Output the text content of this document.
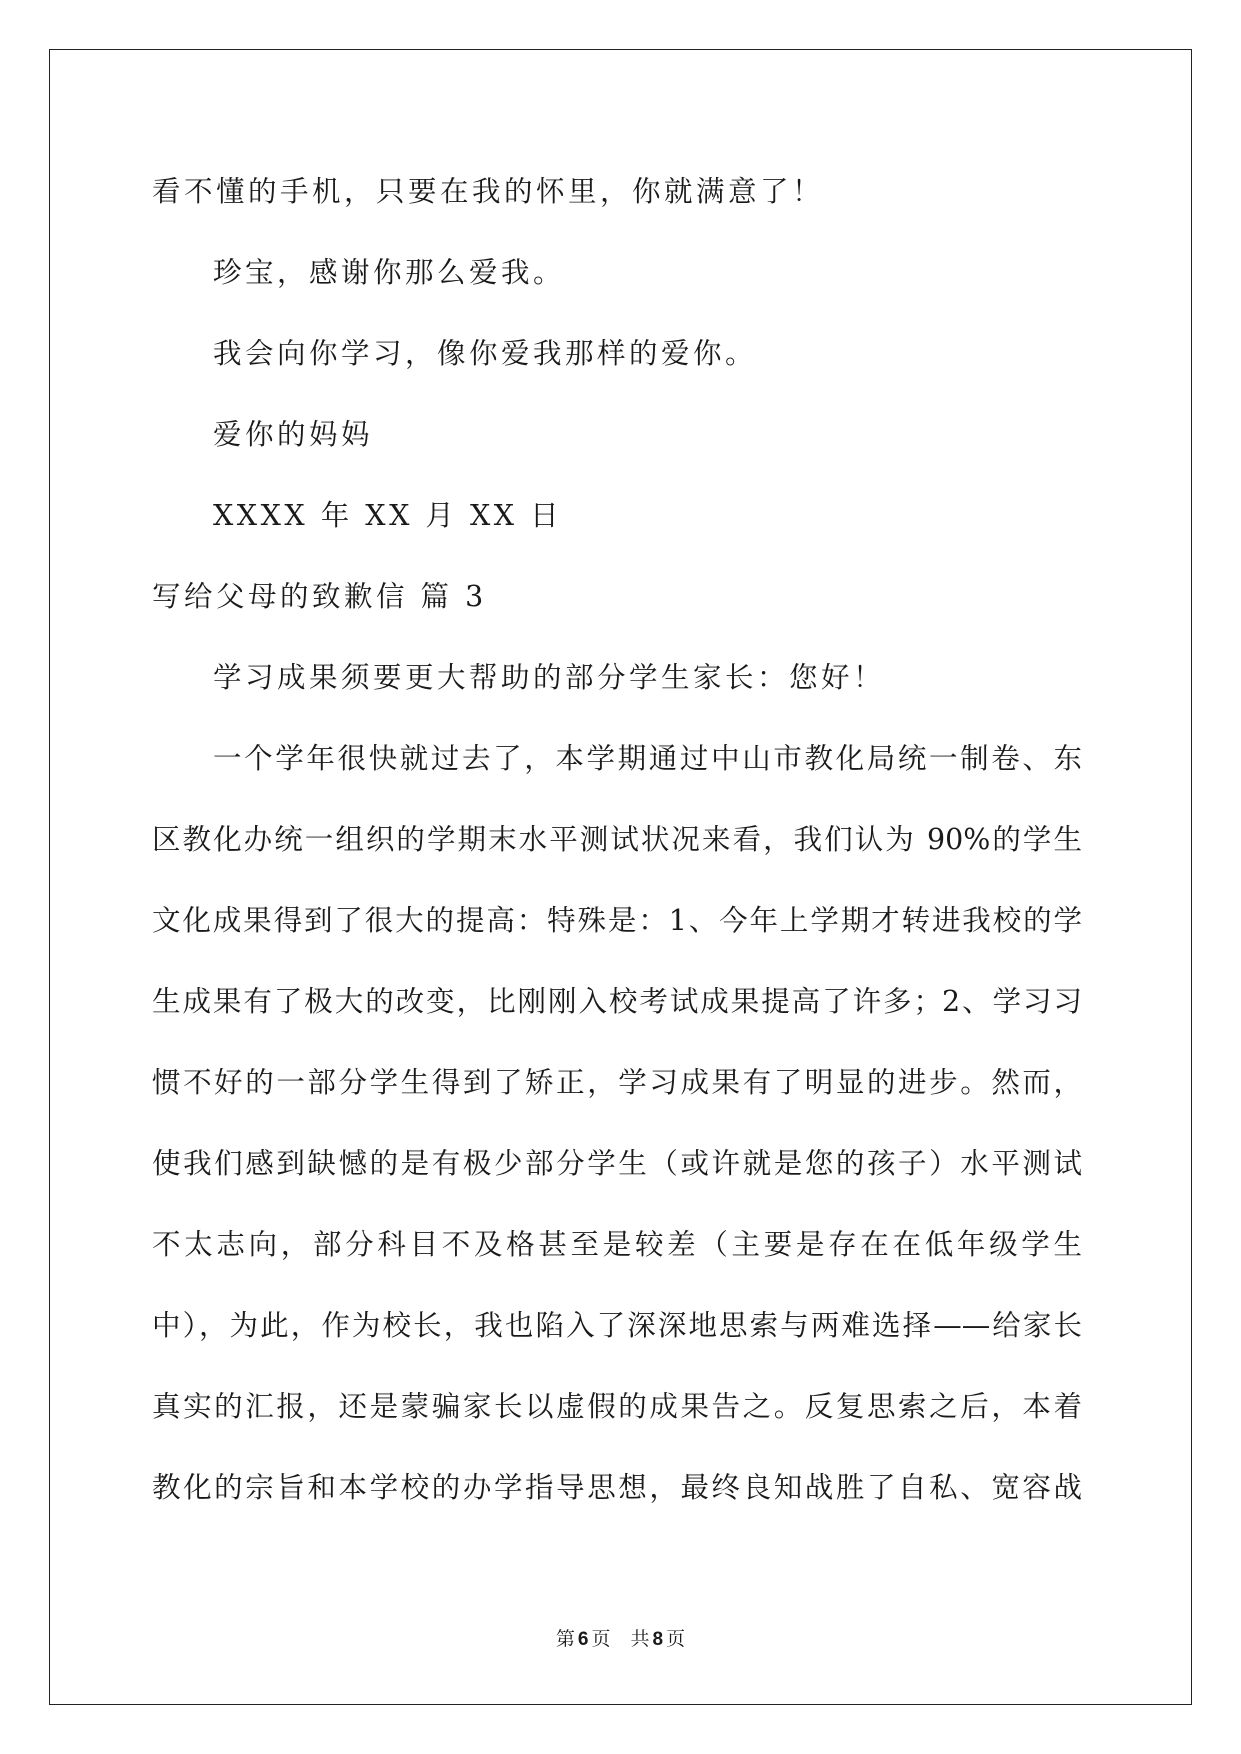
看不懂的手机，只要在我的怀里，你就满意了！
珍宝，感谢你那么爱我。
我会向你学习，像你爱我那样的爱你。
爱你的妈妈
XXXX 年 XX 月 XX 日
写给父母的致歉信 篇 3
学习成果须要更大帮助的部分学生家长：您好！
一个学年很快就过去了，本学期通过中山市教化局统一制卷、东
区教化办统一组织的学期末水平测试状况来看，我们认为 90%的学生
文化成果得到了很大的提高：特殊是：1、今年上学期才转进我校的学
生成果有了极大的改变，比刚刚入校考试成果提高了许多；2、学习习
惯不好的一部分学生得到了矫正，学习成果有了明显的进步。然而，
使我们感到缺憾的是有极少部分学生（或许就是您的孩子）水平测试
不太志向，部分科目不及格甚至是较差（主要是存在在低年级学生
中），为此，作为校长，我也陷入了深深地思索与两难选择——给家长
真实的汇报，还是蒙骗家长以虚假的成果告之。反复思索之后，本着
教化的宗旨和本学校的办学指导思想，最终良知战胜了自私、宽容战
第 6 页 共 8 页
